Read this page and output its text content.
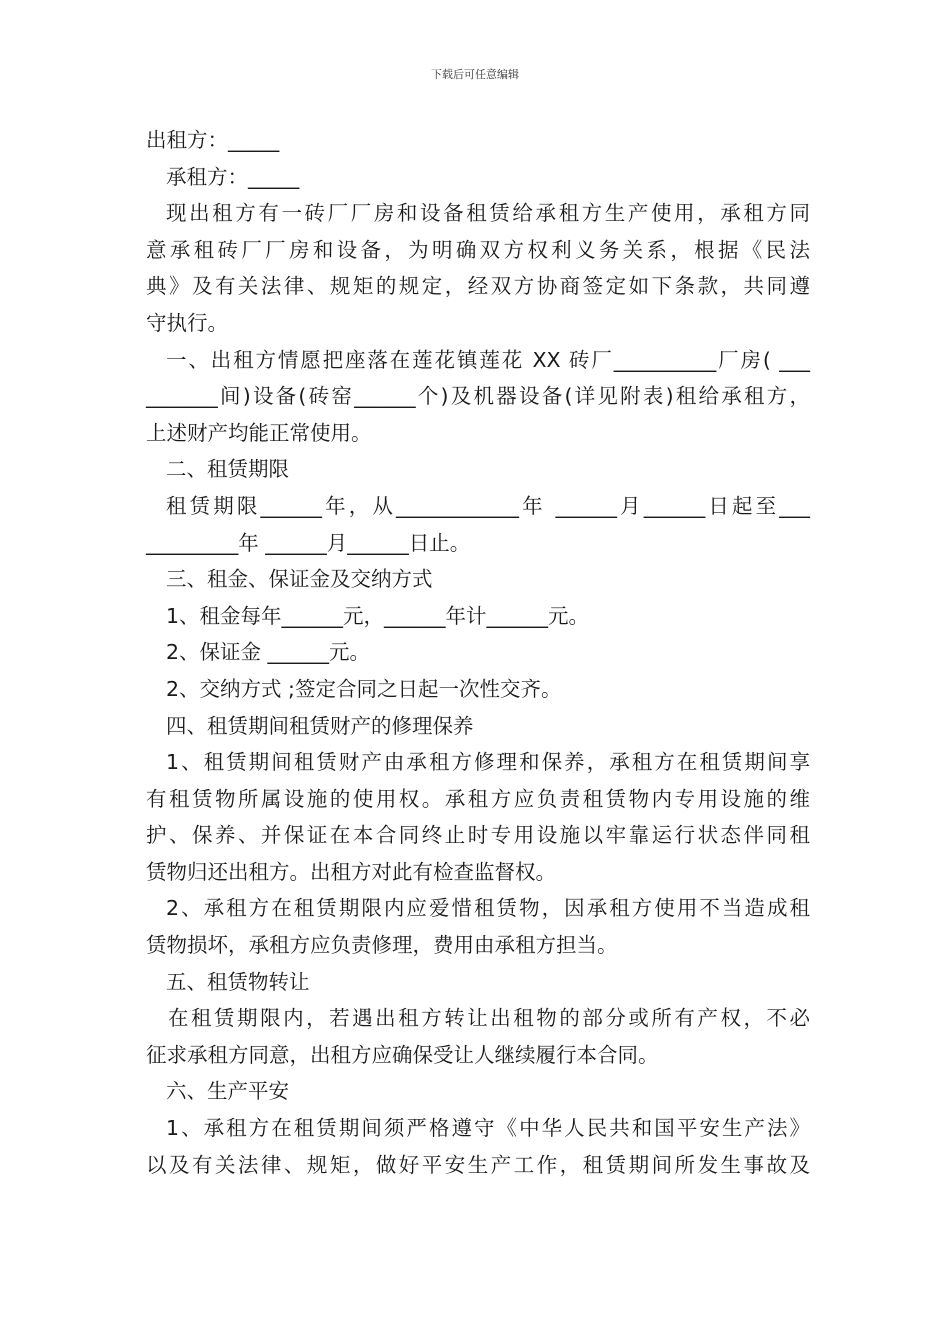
下载后可任意编辑
出租方：_____
承租方：_____
现出租方有一砖厂厂房和设备租赁给承租方生产使用，承租方同
意承租砖厂厂房和设备，为明确双方权利义务关系，根据《民法
典》及有关法律、规矩的规定，经双方协商签定如下条款，共同遵
守执行。
一、出租方情愿把座落在莲花镇莲花 XX 砖厂__________厂房( ___
_______间)设备(砖窑______个)及机器设备(详见附表)租给承租方，
上述财产均能正常使用。
二、租赁期限
租赁期限______年，从____________年 ______月______日起至___
_________年 ______月______日止。
三、租金、保证金及交纳方式
1、租金每年______元，______年计______元。
2、保证金 ______元。
2、交纳方式 ;签定合同之日起一次性交齐。
四、租赁期间租赁财产的修理保养
1、租赁期间租赁财产由承租方修理和保养，承租方在租赁期间享
有租赁物所属设施的使用权。承租方应负责租赁物内专用设施的维
护、保养、并保证在本合同终止时专用设施以牢靠运行状态伴同租
赁物归还出租方。出租方对此有检查监督权。
2、承租方在租赁期限内应爱惜租赁物，因承租方使用不当造成租
赁物损坏，承租方应负责修理，费用由承租方担当。
五、租赁物转让
在租赁期限内，若遇出租方转让出租物的部分或所有产权，不必
征求承租方同意，出租方应确保受让人继续履行本合同。
六、生产平安
1、承租方在租赁期间须严格遵守《中华人民共和国平安生产法》
以及有关法律、规矩，做好平安生产工作，租赁期间所发生事故及
